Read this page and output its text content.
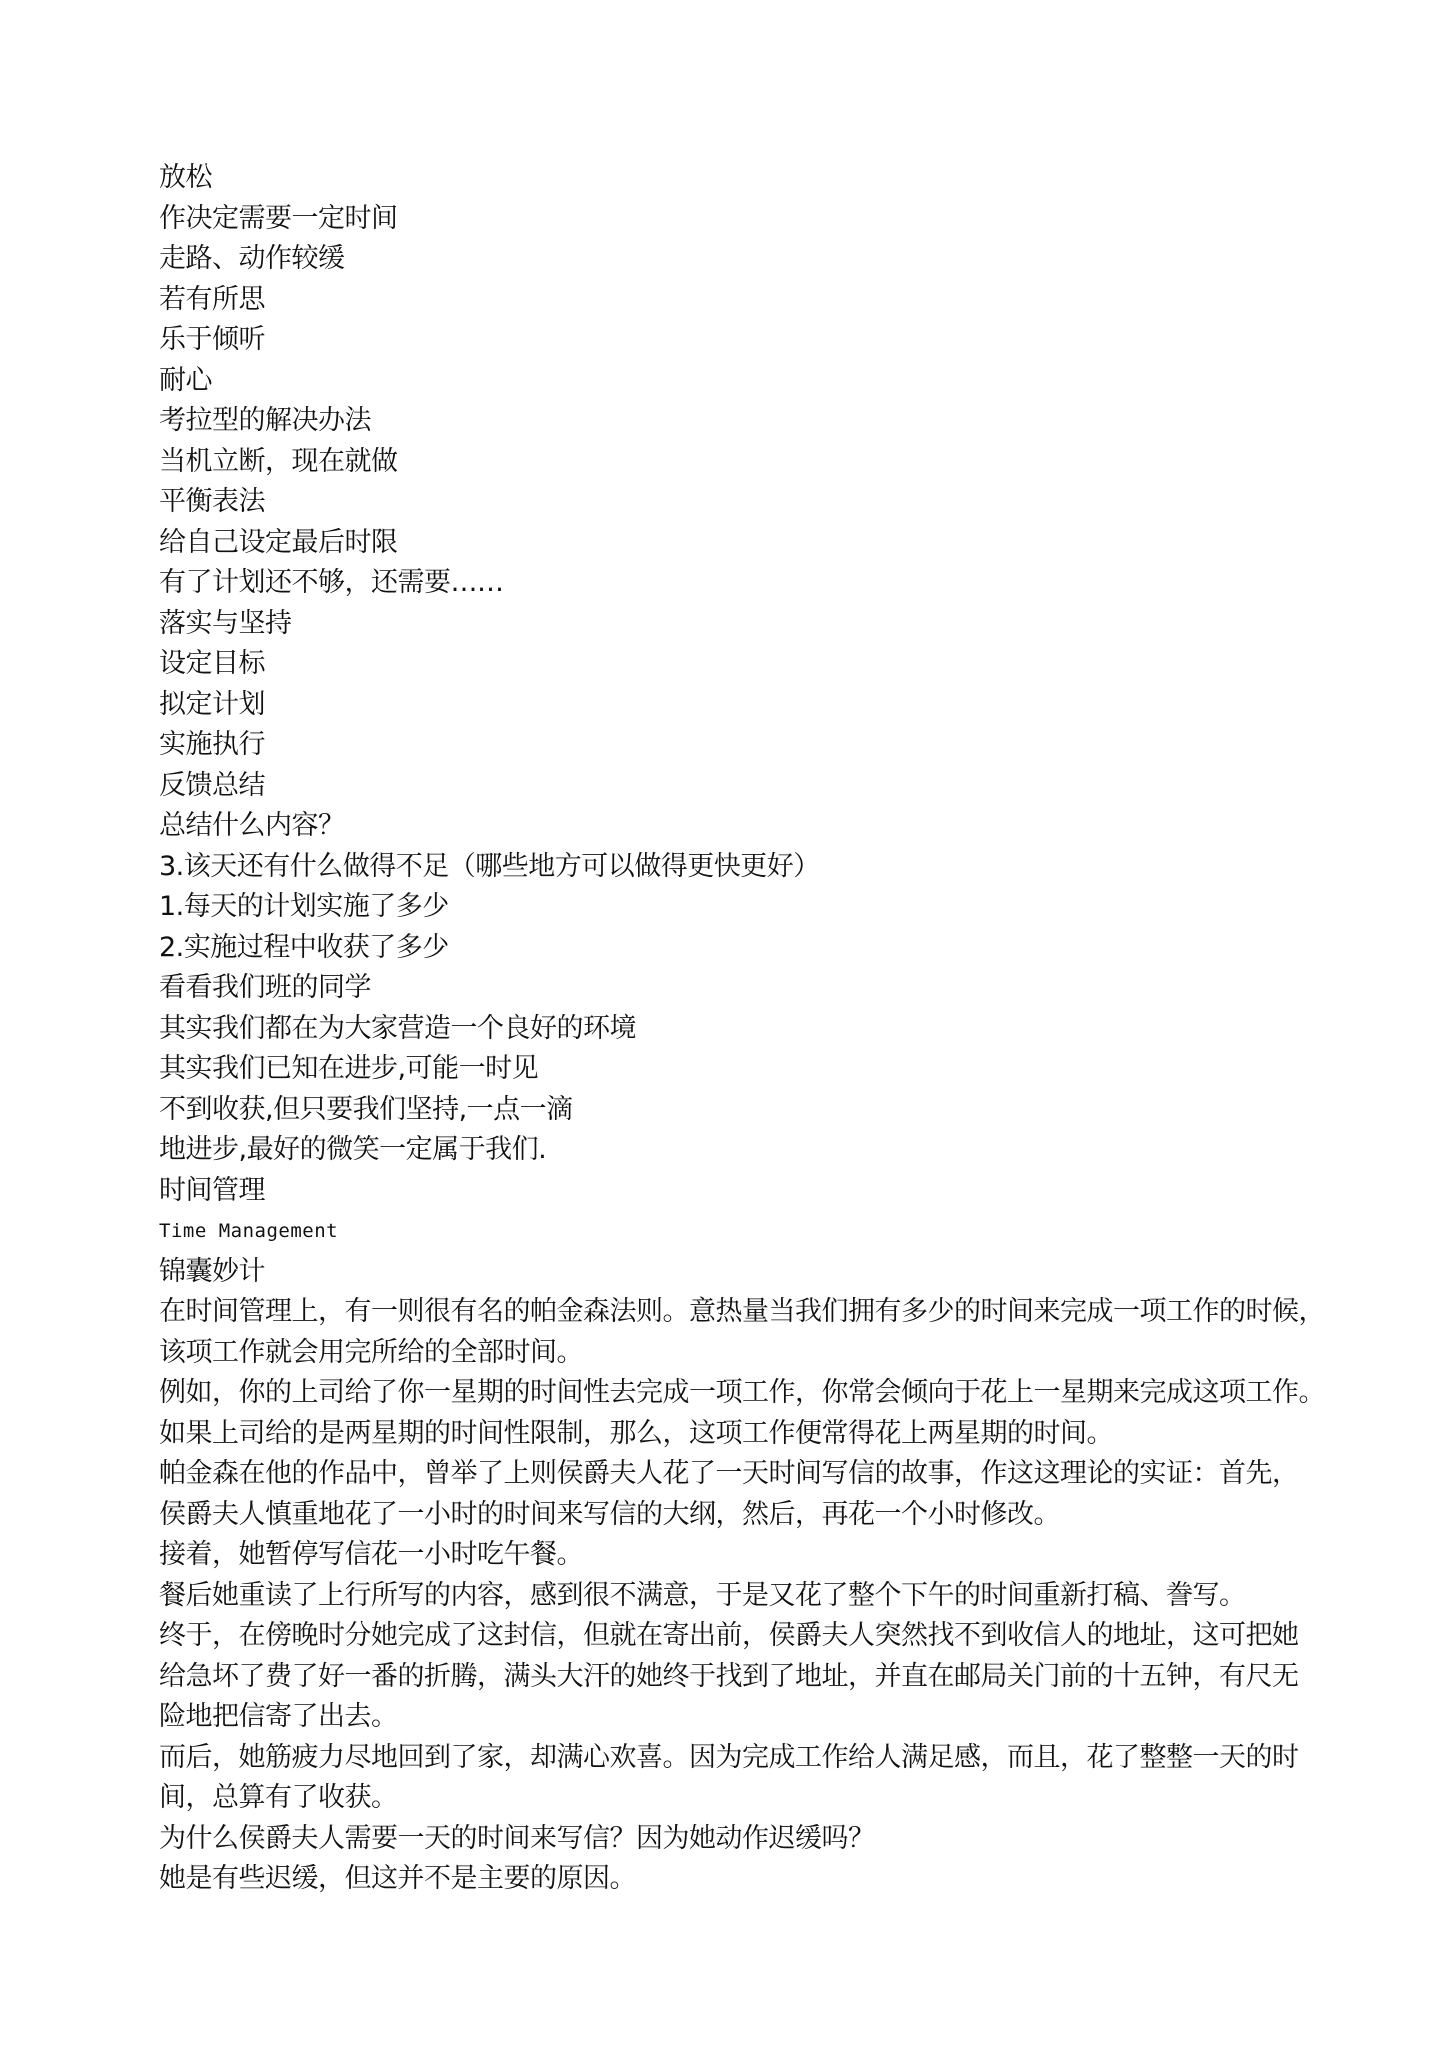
放松
作决定需要一定时间
走路、动作较缓
若有所思
乐于倾听
耐心
考拉型的解决办法
当机立断，现在就做
平衡表法
给自己设定最后时限
有了计划还不够，还需要……
落实与坚持
设定目标
拟定计划
实施执行
反馈总结
总结什么内容？
3.该天还有什么做得不足（哪些地方可以做得更快更好）
1.每天的计划实施了多少
2.实施过程中收获了多少
看看我们班的同学
其实我们都在为大家营造一个良好的环境
其实我们已知在进步,可能一时见
不到收获,但只要我们坚持,一点一滴
地进步,最好的微笑一定属于我们.
时间管理
Time Management
锦囊妙计
在时间管理上，有一则很有名的帕金森法则。意热量当我们拥有多少的时间来完成一项工作的时候，
该项工作就会用完所给的全部时间。
例如，你的上司给了你一星期的时间性去完成一项工作，你常会倾向于花上一星期来完成这项工作。
如果上司给的是两星期的时间性限制，那么，这项工作便常得花上两星期的时间。
帕金森在他的作品中，曾举了上则侯爵夫人花了一天时间写信的故事，作这这理论的实证：首先，
侯爵夫人慎重地花了一小时的时间来写信的大纲，然后，再花一个小时修改。
接着，她暂停写信花一小时吃午餐。
餐后她重读了上行所写的内容，感到很不满意，于是又花了整个下午的时间重新打稿、誊写。
终于，在傍晚时分她完成了这封信，但就在寄出前，侯爵夫人突然找不到收信人的地址，这可把她
给急坏了费了好一番的折腾，满头大汗的她终于找到了地址，并直在邮局关门前的十五钟，有尺无
险地把信寄了出去。
而后，她筋疲力尽地回到了家，却满心欢喜。因为完成工作给人满足感，而且，花了整整一天的时
间，总算有了收获。
为什么侯爵夫人需要一天的时间来写信？因为她动作迟缓吗？
她是有些迟缓，但这并不是主要的原因。
